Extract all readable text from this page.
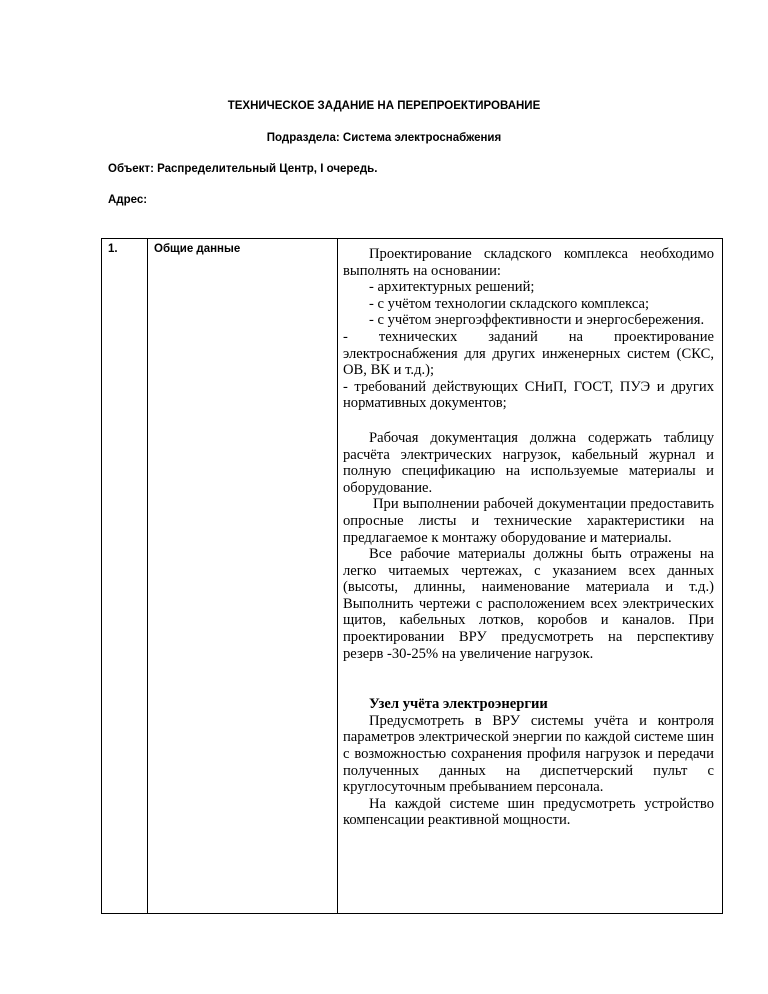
ТЕХНИЧЕСКОЕ ЗАДАНИЕ НА ПЕРЕПРОЕКТИРОВАНИЕ
Подраздела: Система электроснабжения
Объект: Распределительный Центр, I очередь.
Адрес:
1.	Общие данные	Проектирование складского комплекса необходимо выполнять на основании:

- архитектурных решений;

- с учётом технологии складского комплекса;

- с учётом энергоэффективности и энергосбережения.

- технических заданий на проектирование электроснабжения для других инженерных систем (СКС, ОВ, ВК и т.д.);

- требований действующих СНиП, ГОСТ, ПУЭ и других нормативных документов;

Рабочая документация должна содержать таблицу расчёта электрических нагрузок, кабельный журнал и полную спецификацию на используемые материалы и оборудование.

При выполнении рабочей документации предоставить опросные листы и технические характеристики на предлагаемое к монтажу оборудование и материалы.

Все рабочие материалы должны быть отражены на легко читаемых чертежах, с указанием всех данных (высоты, длинны, наименование материала и т.д.) Выполнить чертежи с расположением всех электрических щитов, кабельных лотков, коробов и каналов. При проектировании ВРУ предусмотреть на перспективу резерв -30-25% на увеличение нагрузок.

Узел учёта электроэнергии

Предусмотреть в ВРУ системы учёта и контроля параметров электрической энергии по каждой системе шин с возможностью сохранения профиля нагрузок и передачи полученных данных на диспетчерский пульт с круглосуточным пребыванием персонала.

На каждой системе шин предусмотреть устройство компенсации реактивной мощности.
